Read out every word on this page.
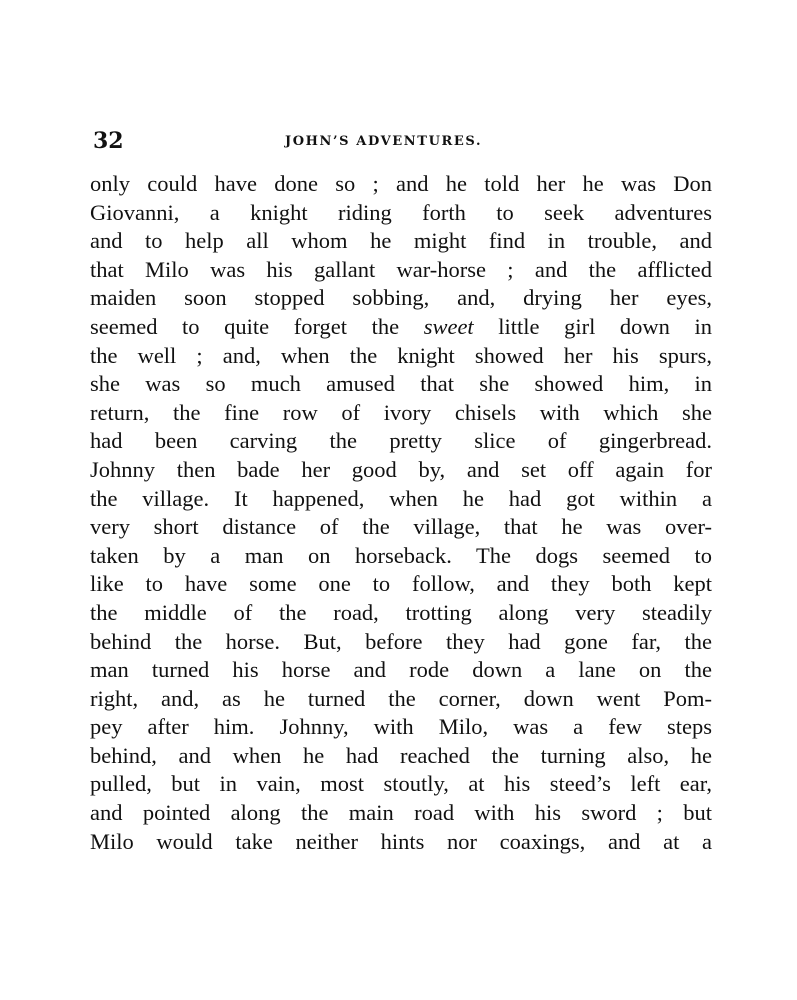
32	JOHN’S ADVENTURES.
only could have done so ; and he told her he was Don
Giovanni, a knight riding forth to seek adventures
and to help all whom he might find in trouble, and
that Milo was his gallant war-horse ; and the afflicted
maiden soon stopped sobbing, and, drying her eyes,
seemed to quite forget the sweet little girl down in
the well ; and, when the knight showed her his spurs,
she was so much amused that she showed him, in
return, the fine row of ivory chisels with which she
had been carving the pretty slice of gingerbread.
Johnny then bade her good by, and set off again for
the village. It happened, when he had got within a
very short distance of the village, that he was over-
taken by a man on horseback. The dogs seemed to
like to have some one to follow, and they both kept
the middle of the road, trotting along very steadily
behind the horse. But, before they had gone far, the
man turned his horse and rode down a lane on the
right, and, as he turned the corner, down went Pom-
pey after him. Johnny, with Milo, was a few steps
behind, and when he had reached the turning also, he
pulled, but in vain, most stoutly, at his steed’s left ear,
and pointed along the main road with his sword ; but
Milo would take neither hints nor coaxings, and at a
